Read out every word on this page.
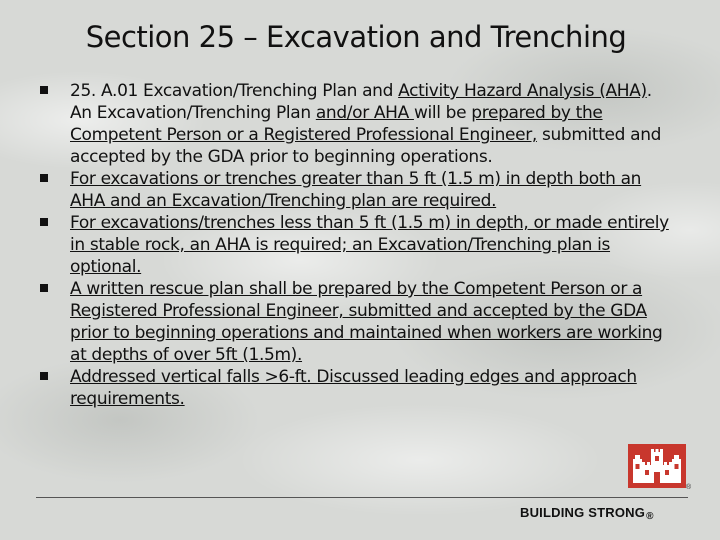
Section 25 – Excavation and Trenching
25. A.01 Excavation/Trenching Plan and Activity Hazard Analysis (AHA). An Excavation/Trenching Plan and/or AHA will be prepared by the Competent Person or a Registered Professional Engineer, submitted and accepted by the GDA prior to beginning operations.
For excavations or trenches greater than 5 ft (1.5 m) in depth both an AHA and an Excavation/Trenching plan are required.
For excavations/trenches less than 5 ft (1.5 m) in depth, or made entirely in stable rock, an AHA is required; an Excavation/Trenching plan is optional.
A written rescue plan shall be prepared by the Competent Person or a Registered Professional Engineer, submitted and accepted by the GDA prior to beginning operations and maintained when workers are working at depths of over 5ft (1.5m).
Addressed vertical falls >6-ft. Discussed leading edges and approach requirements.
®
BUILDING STRONG®
